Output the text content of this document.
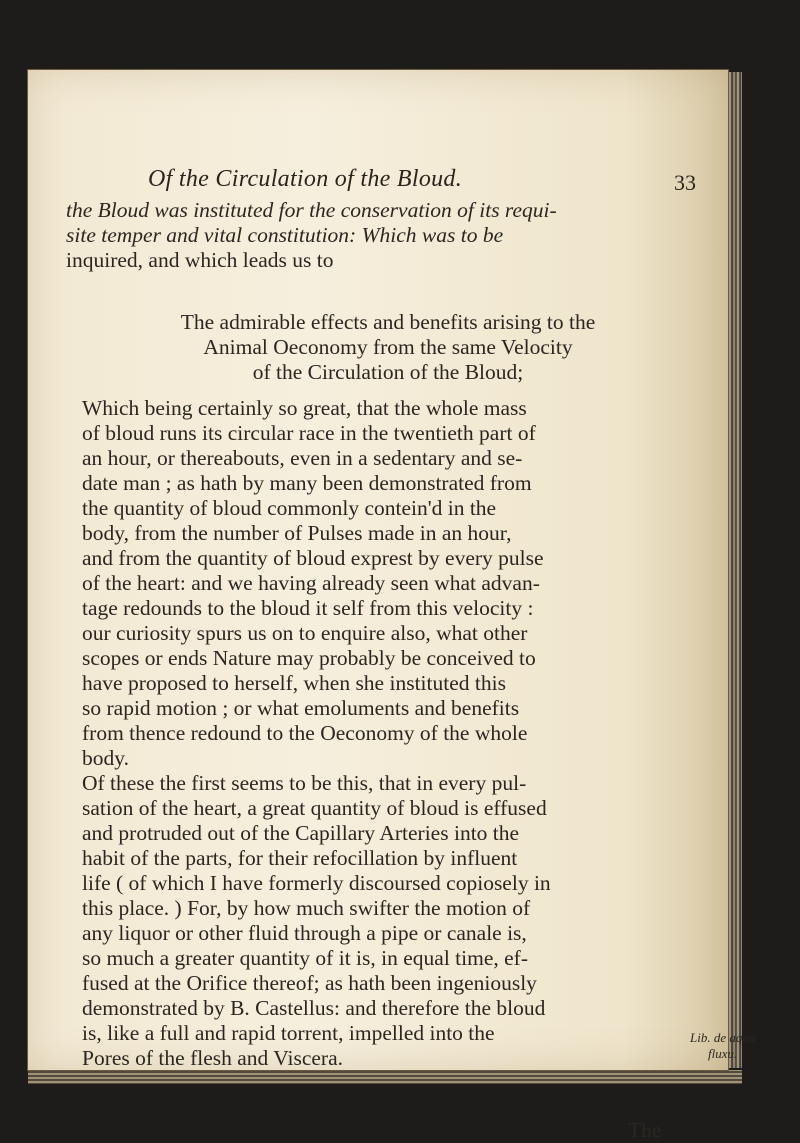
Of the Circulation of the Bloud.	33
the Bloud was instituted for the conservation of its requi-
site temper and vital constitution: Which was to be
inquired, and which leads us to
The admirable effects and benefits arising to the
Animal Oeconomy from the same Velocity
of the Circulation of the Bloud;

Which being certainly so great, that the whole mass
of bloud runs its circular race in the twentieth part of
an hour, or thereabouts, even in a sedentary and se-
date man ; as hath by many been demonstrated from
the quantity of bloud commonly contein'd in the
body, from the number of Pulses made in an hour,
and from the quantity of bloud exprest by every pulse
of the heart: and we having already seen what advan-
tage redounds to the bloud it self from this velocity :
our curiosity spurs us on to enquire also, what other
scopes or ends Nature may probably be conceived to
have proposed to herself, when she instituted this
so rapid motion ; or what emoluments and benefits
from thence redound to the Oeconomy of the whole
body.

Of these the first seems to be this, that in every pul-
sation of the heart, a great quantity of bloud is effused
and protruded out of the Capillary Arteries into the
habit of the parts, for their refocillation by influent
life ( of which I have formerly discoursed copiosely in
this place. ) For, by how much swifter the motion of
any liquor or other fluid through a pipe or canale is,
so much a greater quantity of it is, in equal time, ef-
fused at the Orifice thereof; as hath been ingeniously
demonstrated by B. Castellus: and therefore the bloud
is, like a full and rapid torrent, impelled into the
Pores of the flesh and Viscera.

The
Lib. de aqua
fluxu.
